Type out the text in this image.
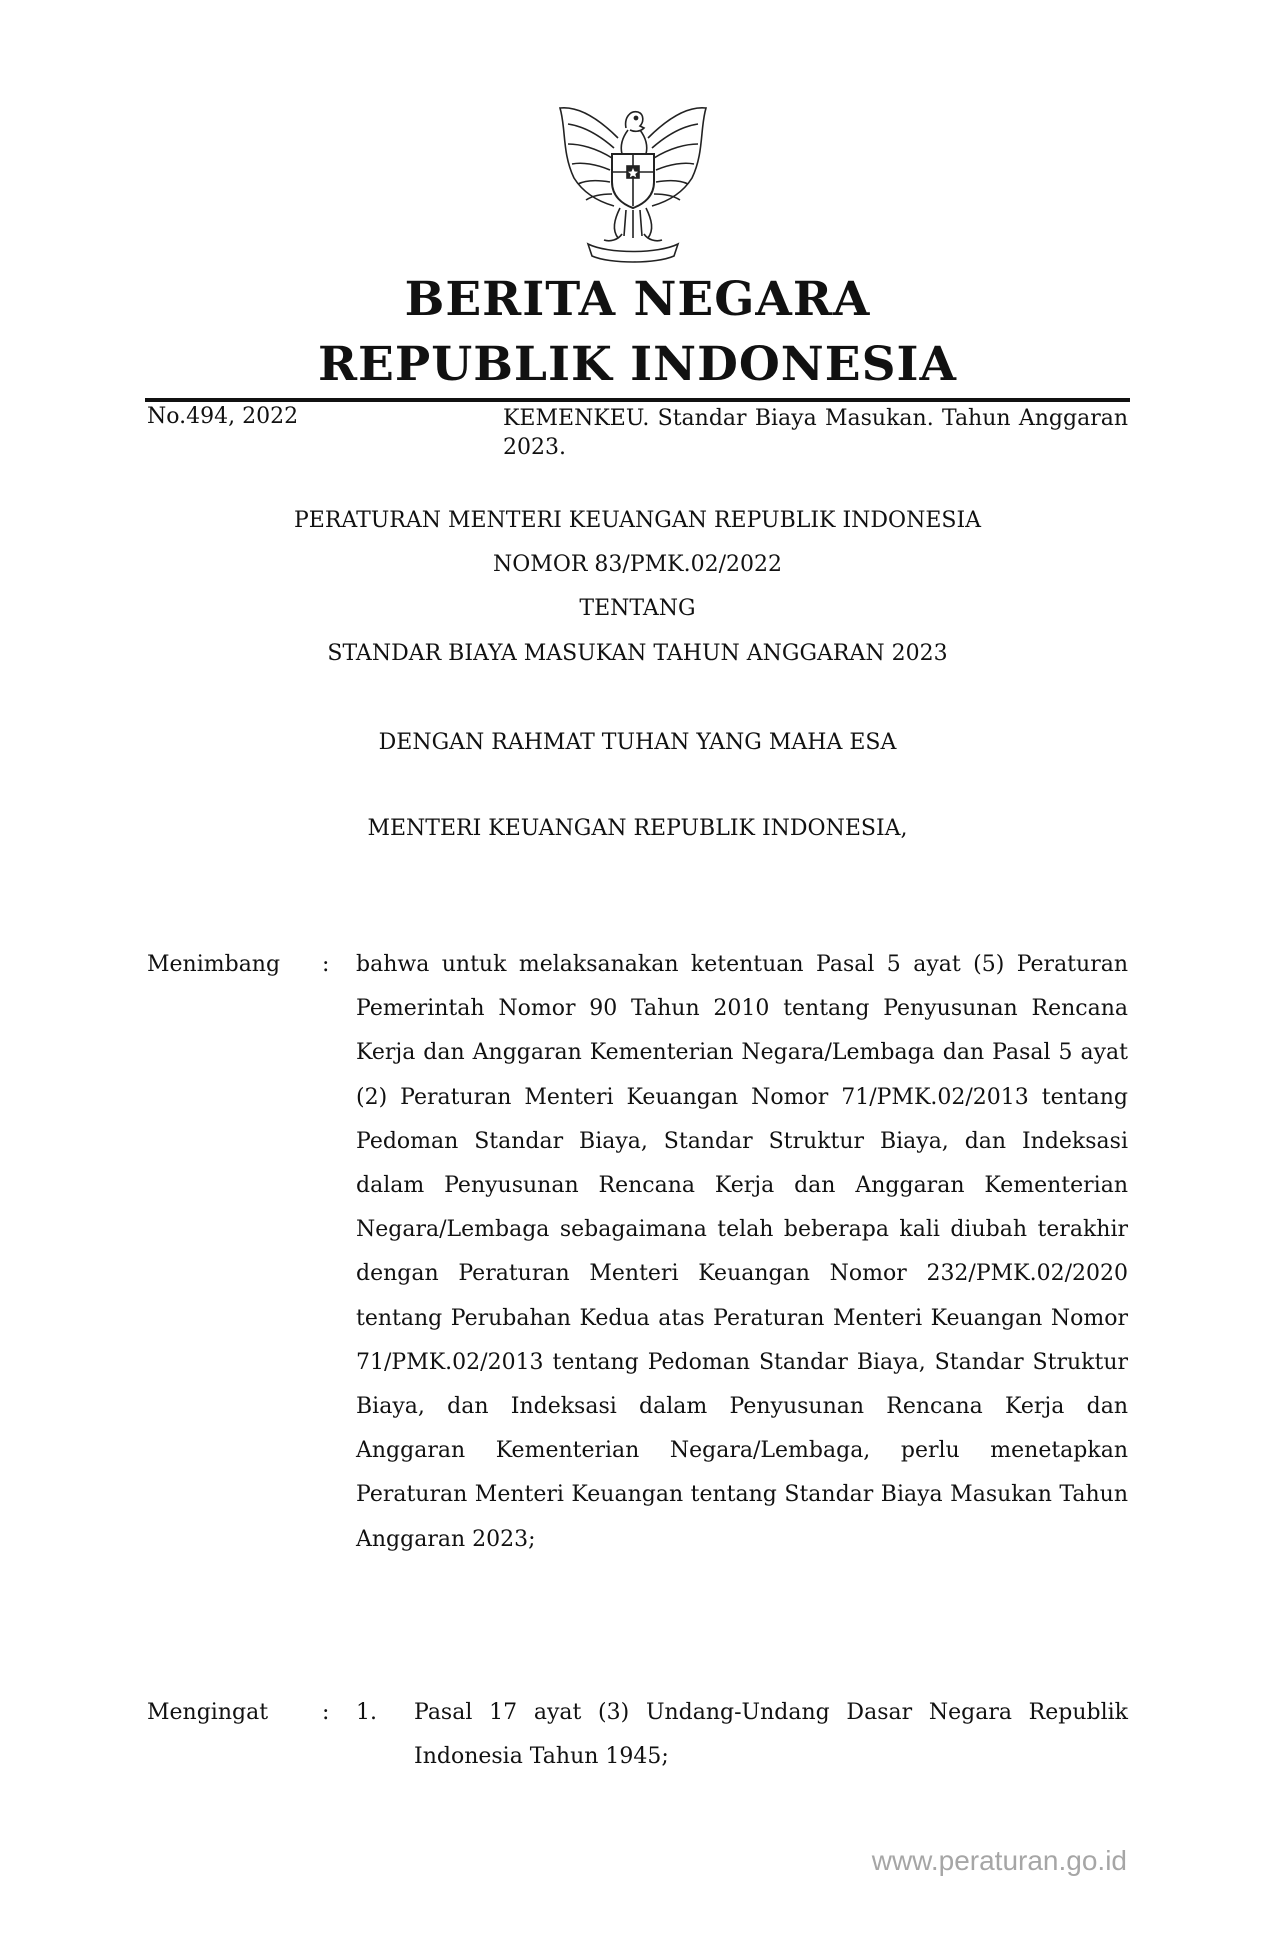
BERITA NEGARA
REPUBLIK INDONESIA
No.494, 2022	KEMENKEU. Standar Biaya Masukan. Tahun Anggaran 2023.
PERATURAN MENTERI KEUANGAN REPUBLIK INDONESIA
NOMOR 83/PMK.02/2022
TENTANG
STANDAR BIAYA MASUKAN TAHUN ANGGARAN 2023
DENGAN RAHMAT TUHAN YANG MAHA ESA
MENTERI KEUANGAN REPUBLIK INDONESIA,
Menimbang : bahwa untuk melaksanakan ketentuan Pasal 5 ayat (5) Peraturan Pemerintah Nomor 90 Tahun 2010 tentang Penyusunan Rencana Kerja dan Anggaran Kementerian Negara/Lembaga dan Pasal 5 ayat (2) Peraturan Menteri Keuangan Nomor 71/PMK.02/2013 tentang Pedoman Standar Biaya, Standar Struktur Biaya, dan Indeksasi dalam Penyusunan Rencana Kerja dan Anggaran Kementerian Negara/Lembaga sebagaimana telah beberapa kali diubah terakhir dengan Peraturan Menteri Keuangan Nomor 232/PMK.02/2020 tentang Perubahan Kedua atas Peraturan Menteri Keuangan Nomor 71/PMK.02/2013 tentang Pedoman Standar Biaya, Standar Struktur Biaya, dan Indeksasi dalam Penyusunan Rencana Kerja dan Anggaran Kementerian Negara/Lembaga, perlu menetapkan Peraturan Menteri Keuangan tentang Standar Biaya Masukan Tahun Anggaran 2023;
Mengingat : 1. Pasal 17 ayat (3) Undang-Undang Dasar Negara Republik Indonesia Tahun 1945;
www.peraturan.go.id
